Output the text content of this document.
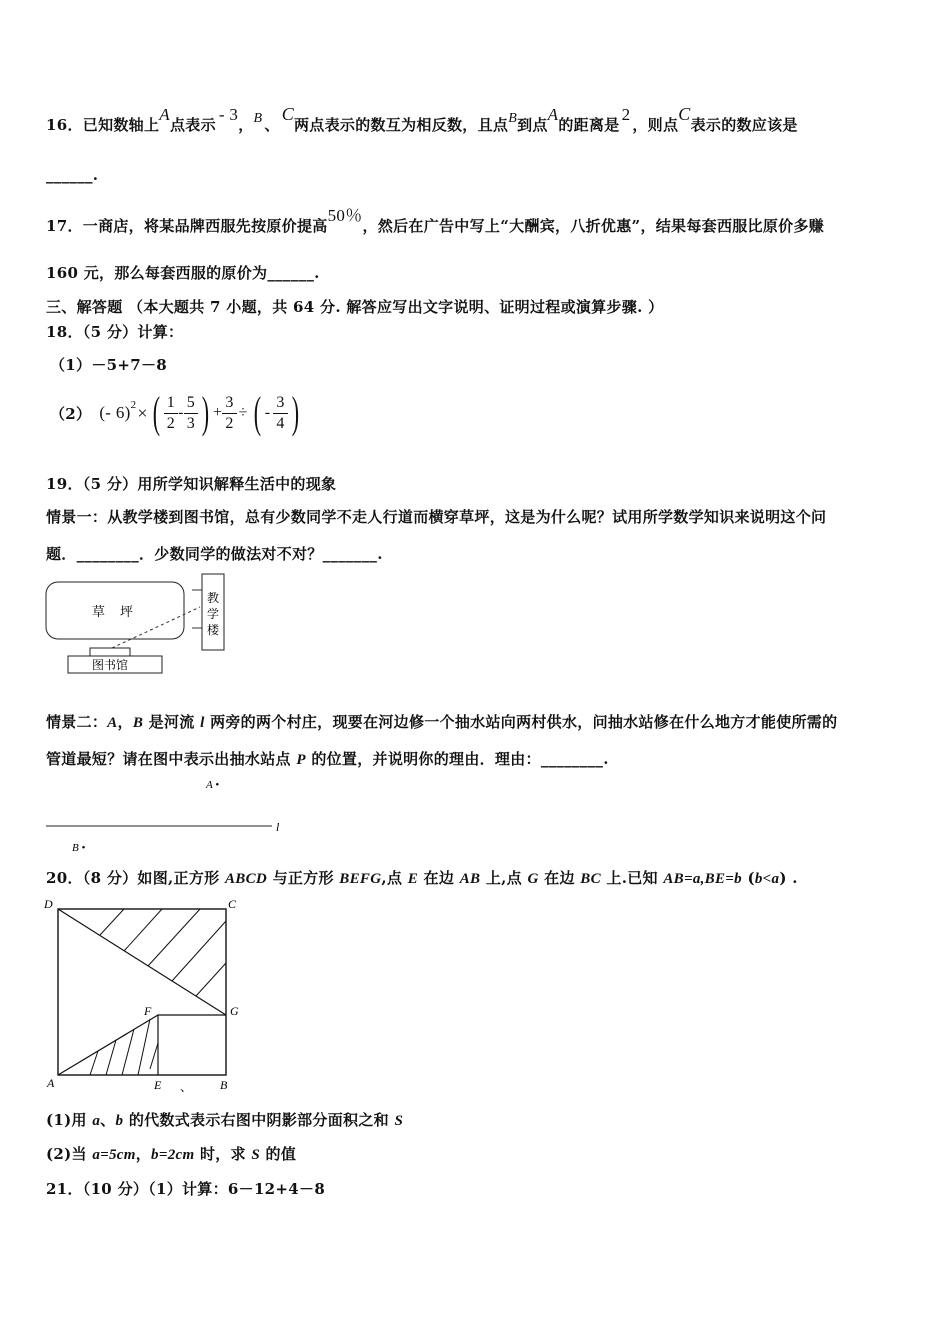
16．已知数轴上A点表示- 3，B 、C两点表示的数互为相反数，且点B到点A的距离是2，则点C表示的数应该是
______.
17．一商店，将某品牌西服先按原价提高50％，然后在广告中写上“大酬宾，八折优惠”，结果每套西服比原价多赚
160 元，那么每套西服的原价为______.
三、解答题 （本大题共 7 小题，共 64 分. 解答应写出文字说明、证明过程或演算步骤. ）
18．（5 分）计算：
（1）－5+7－8
（2） (- 6) 2 × ( $\frac{1}{2} - \frac{5}{3}$ ) + $\frac{3}{2}$ ÷ ( - $\frac{3}{4}$ )
19．（5 分）用所学知识解释生活中的现象
情景一：从教学楼到图书馆，总有少数同学不走人行道而横穿草坪，这是为什么呢？试用所学数学知识来说明这个问
题．________．少数同学的做法对不对？_______.
草 坪
教
学
楼
图书馆
情景二：A，B 是河流 l 两旁的两个村庄，现要在河边修一个抽水站向两村供水，问抽水站修在什么地方才能使所需的
管道最短？请在图中表示出抽水站点 P 的位置，并说明你的理由．理由：________.
A •
l
B •
20．（8 分）如图,正方形 ABCD 与正方形 BEFG,点 E 在边 AB 上,点 G 在边 BC 上.已知 AB=a,BE=b (b<a) .
D	C
F	G
A	E 、 B
(1)用 a、b 的代数式表示右图中阴影部分面积之和 S
(2)当 a=5cm，b=2cm 时，求 S 的值
21．（10 分）（1）计算：6－12+4－8
